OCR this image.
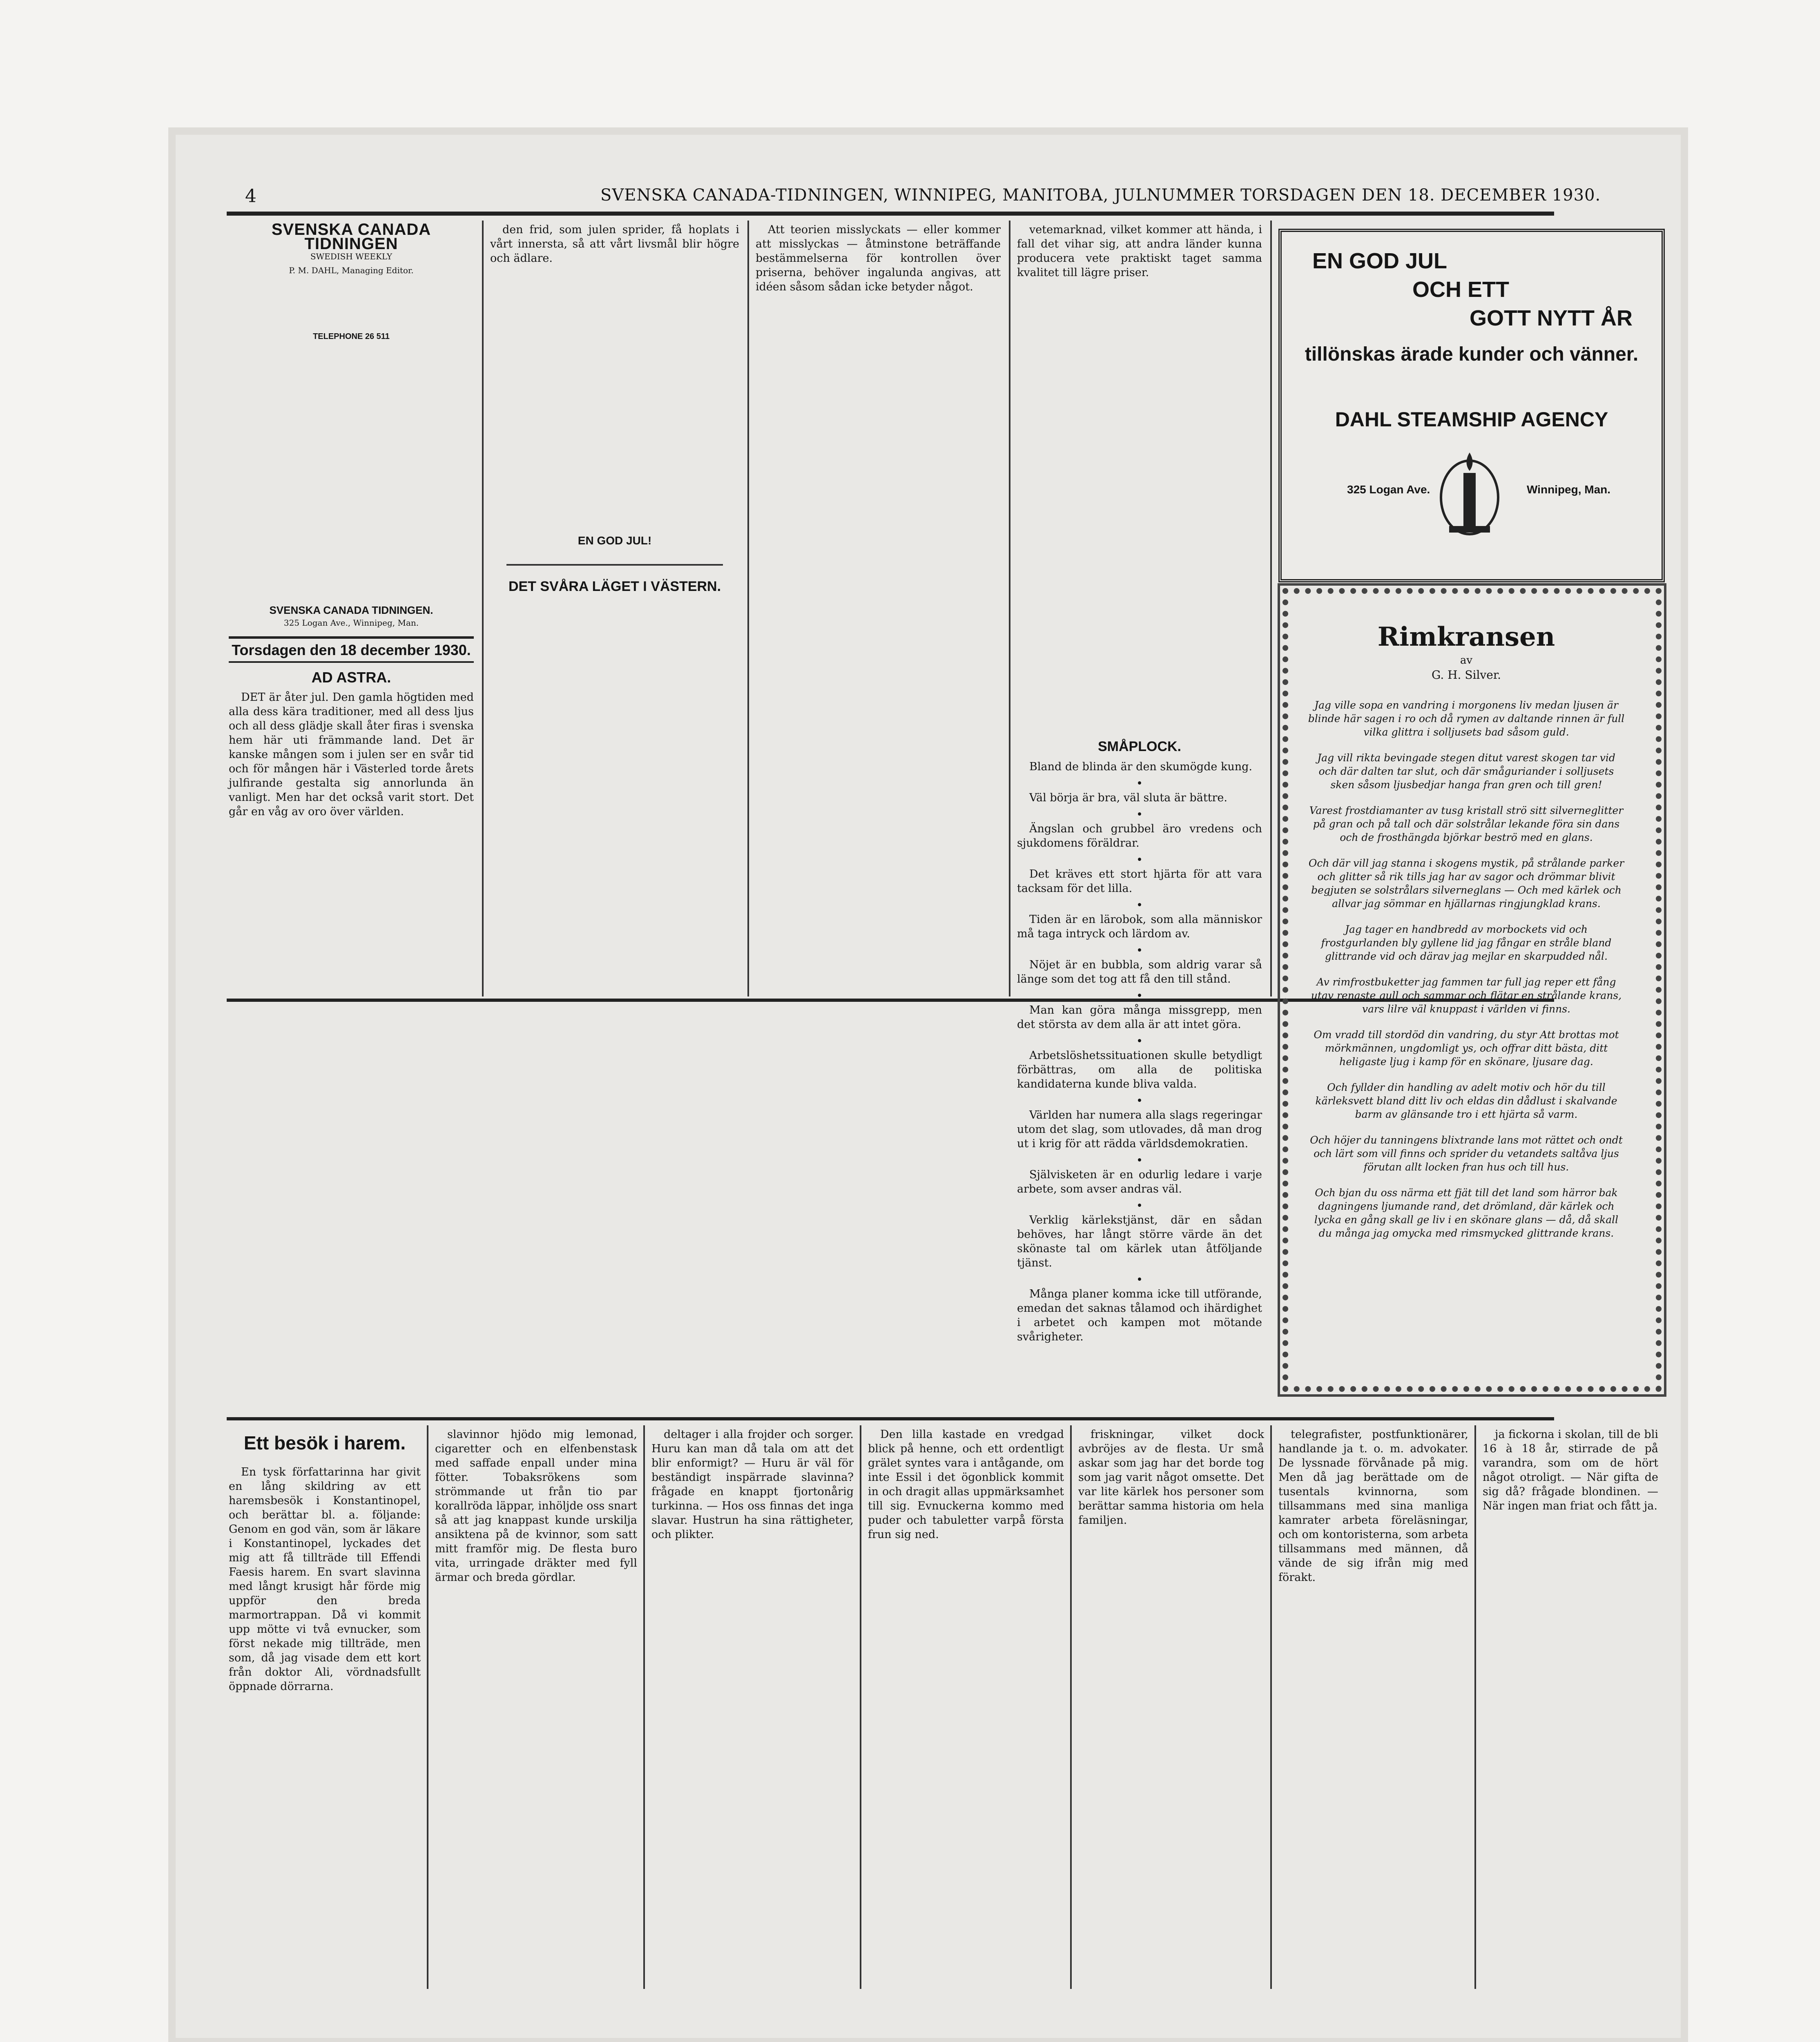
4	SVENSKA CANADA-TIDNINGEN, WINNIPEG, MANITOBA, JULNUMMER TORSDAGEN DEN 18. DECEMBER 1930.
SVENSKA CANADA TIDNINGEN
SWEDISH WEEKLY
P. M. DAHL, Managing Editor.
TELEPHONE 26 511
SVENSKA CANADA TIDNINGEN.
325 Logan Ave., Winnipeg, Man.
Torsdagen den 18 december 1930.
AD ASTRA.

DET är åter jul. Den gamla högtiden med alla dess kära traditioner, med all dess ljus och all dess glädje skall åter firas i svenska hem här uti främmande land. Det är kanske mången som i julen ser en svår tid och för mången här i Västerled torde årets julfirande gestalta sig annorlunda än vanligt. Men har det också varit stort. Det går en våg av oro över världen.

den frid, som julen sprider, få hoplats i vårt innersta, så att vårt livsmål blir högre och ädlare.

EN GOD JUL!
DET SVÅRA LÄGET I VÄSTERN.

Att teorien misslyckats — eller kommer att misslyckas — åtminstone beträffande bestämmelserna för kontrollen över priserna, behöver ingalunda angivas, att idéen såsom sådan icke betyder något.

vetemarknad, vilket kommer att hända, i fall det vihar sig, att andra länder kunna producera vete praktiskt taget samma kvalitet till lägre priser.

SMÅPLOCK.

Bland de blinda är den skumögde kung.

•

Väl börja är bra, väl sluta är bättre.

•

Ängslan och grubbel äro vredens och sjukdomens föräldrar.

•

Det kräves ett stort hjärta för att vara tacksam för det lilla.

•

Tiden är en lärobok, som alla människor må taga intryck och lärdom av.

•

Nöjet är en bubbla, som aldrig varar så länge som det tog att få den till stånd.

•

Man kan göra många missgrepp, men det största av dem alla är att intet göra.

•

Arbetslöshetssituationen skulle betydligt förbättras, om alla de politiska kandidaterna kunde bliva valda.

•

Världen har numera alla slags regeringar utom det slag, som utlovades, då man drog ut i krig för att rädda världsdemokratien.

•

Självisketen är en odurlig ledare i varje arbete, som avser andras väl.

•

Verklig kärlekstjänst, där en sådan behöves, har långt större värde än det skönaste tal om kärlek utan åtföljande tjänst.

•

Många planer komma icke till utförande, emedan det saknas tålamod och ihärdighet i arbetet och kampen mot mötande svårigheter.

EN GOD JUL
OCH ETT
GOTT NYTT ÅR
tillönskas ärade kunder och vänner.
DAHL STEAMSHIP AGENCY
325 Logan Ave.	Winnipeg, Man.
Rimkransen
av
G. H. Silver.

Jag ville sopa en vandring i morgonens liv medan ljusen är blinde här sagen i ro och då rymen av daltande rinnen är full vilka glittra i solljusets bad såsom guld.

Jag vill rikta bevingade stegen ditut varest skogen tar vid och där dalten tar slut, och där småguriander i solljusets sken såsom ljusbedjar hanga fran gren och till gren!

Varest frostdiamanter av tusg kristall strö sitt silverneglitter på gran och på tall och där solstrålar lekande föra sin dans och de frosthängda björkar beströ med en glans.

Och där vill jag stanna i skogens mystik, på strålande parker och glitter så rik tills jag har av sagor och drömmar blivit begjuten se solstrålars silverneglans — Och med kärlek och allvar jag sömmar en hjällarnas ringjungklad krans.

Jag tager en handbredd av morbockets vid och frostgurlanden bly gyllene lid jag fångar en stråle bland glittrande vid och därav jag mejlar en skarpudded nål.

Av rimfrostbuketter jag fammen tar full jag reper ett fång utav renaste gull och sammar och flätar en strålande krans, vars lilre väl knuppast i världen vi finns.

Om vradd till stordöd din vandring, du styr Att brottas mot mörkmännen, ungdomligt ys, och offrar ditt bästa, ditt heligaste ljug i kamp för en skönare, ljusare dag.

Och fyllder din handling av adelt motiv och hör du till kärleksvett bland ditt liv och eldas din dådlust i skalvande barm av glänsande tro i ett hjärta så varm.

Och höjer du tanningens blixtrande lans mot rättet och ondt och lärt som vill finns och sprider du vetandets saltåva ljus förutan allt locken fran hus och till hus.

Och bjan du oss närma ett fjät till det land som härror bak dagningens ljumande rand, det drömland, där kärlek och lycka en gång skall ge liv i en skönare glans — då, då skall du många jag omycka med rimsmycked glittrande krans.

Ett besök i harem.

En tysk författarinna har givit en lång skildring av ett haremsbesök i Konstantinopel, och berättar bl. a. följande: Genom en god vän, som är läkare i Konstantinopel, lyckades det mig att få tillträde till Effendi Faesis harem. En svart slavinna med långt krusigt hår förde mig uppför den breda marmortrappan. Då vi kommit upp mötte vi två evnucker, som först nekade mig tillträde, men som, då jag visade dem ett kort från doktor Ali, vördnadsfullt öppnade dörrarna.

slavinnor hjödo mig lemonad, cigaretter och en elfenbenstask med saffade enpall under mina fötter. Tobaksrökens som strömmande ut från tio par korallröda läppar, inhöljde oss snart så att jag knappast kunde urskilja ansiktena på de kvinnor, som satt mitt framför mig. De flesta buro vita, urringade dräkter med fyll ärmar och breda gördlar.

deltager i alla frojder och sorger. Huru kan man då tala om att det blir enformigt? — Huru är väl för beständigt inspärrade slavinna? frågade en knappt fjortonårig turkinna. — Hos oss finnas det inga slavar. Hustrun ha sina rättigheter, och plikter.

Den lilla kastade en vredgad blick på henne, och ett ordentligt grälet syntes vara i antågande, om inte Essil i det ögonblick kommit in och dragit allas uppmärksamhet till sig. Evnuckerna kommo med puder och tabuletter varpå första frun sig ned.

friskningar, vilket dock avbröjes av de flesta. Ur små askar som jag har det borde tog som jag varit något omsette. Det var lite kärlek hos personer som berättar samma historia om hela familjen.

telegrafister, postfunktionärer, handlande ja t. o. m. advokater. De lyssnade förvånade på mig. Men då jag berättade om de tusentals kvinnorna, som tillsammans med sina manliga kamrater arbeta föreläsningar, och om kontoristerna, som arbeta tillsammans med männen, då vände de sig ifrån mig med förakt.

ja fickorna i skolan, till de bli 16 à 18 år, stirrade de på varandra, som om de hört något otroligt. — När gifta de sig då? frågade blondinen. — När ingen man friat och fått ja.
